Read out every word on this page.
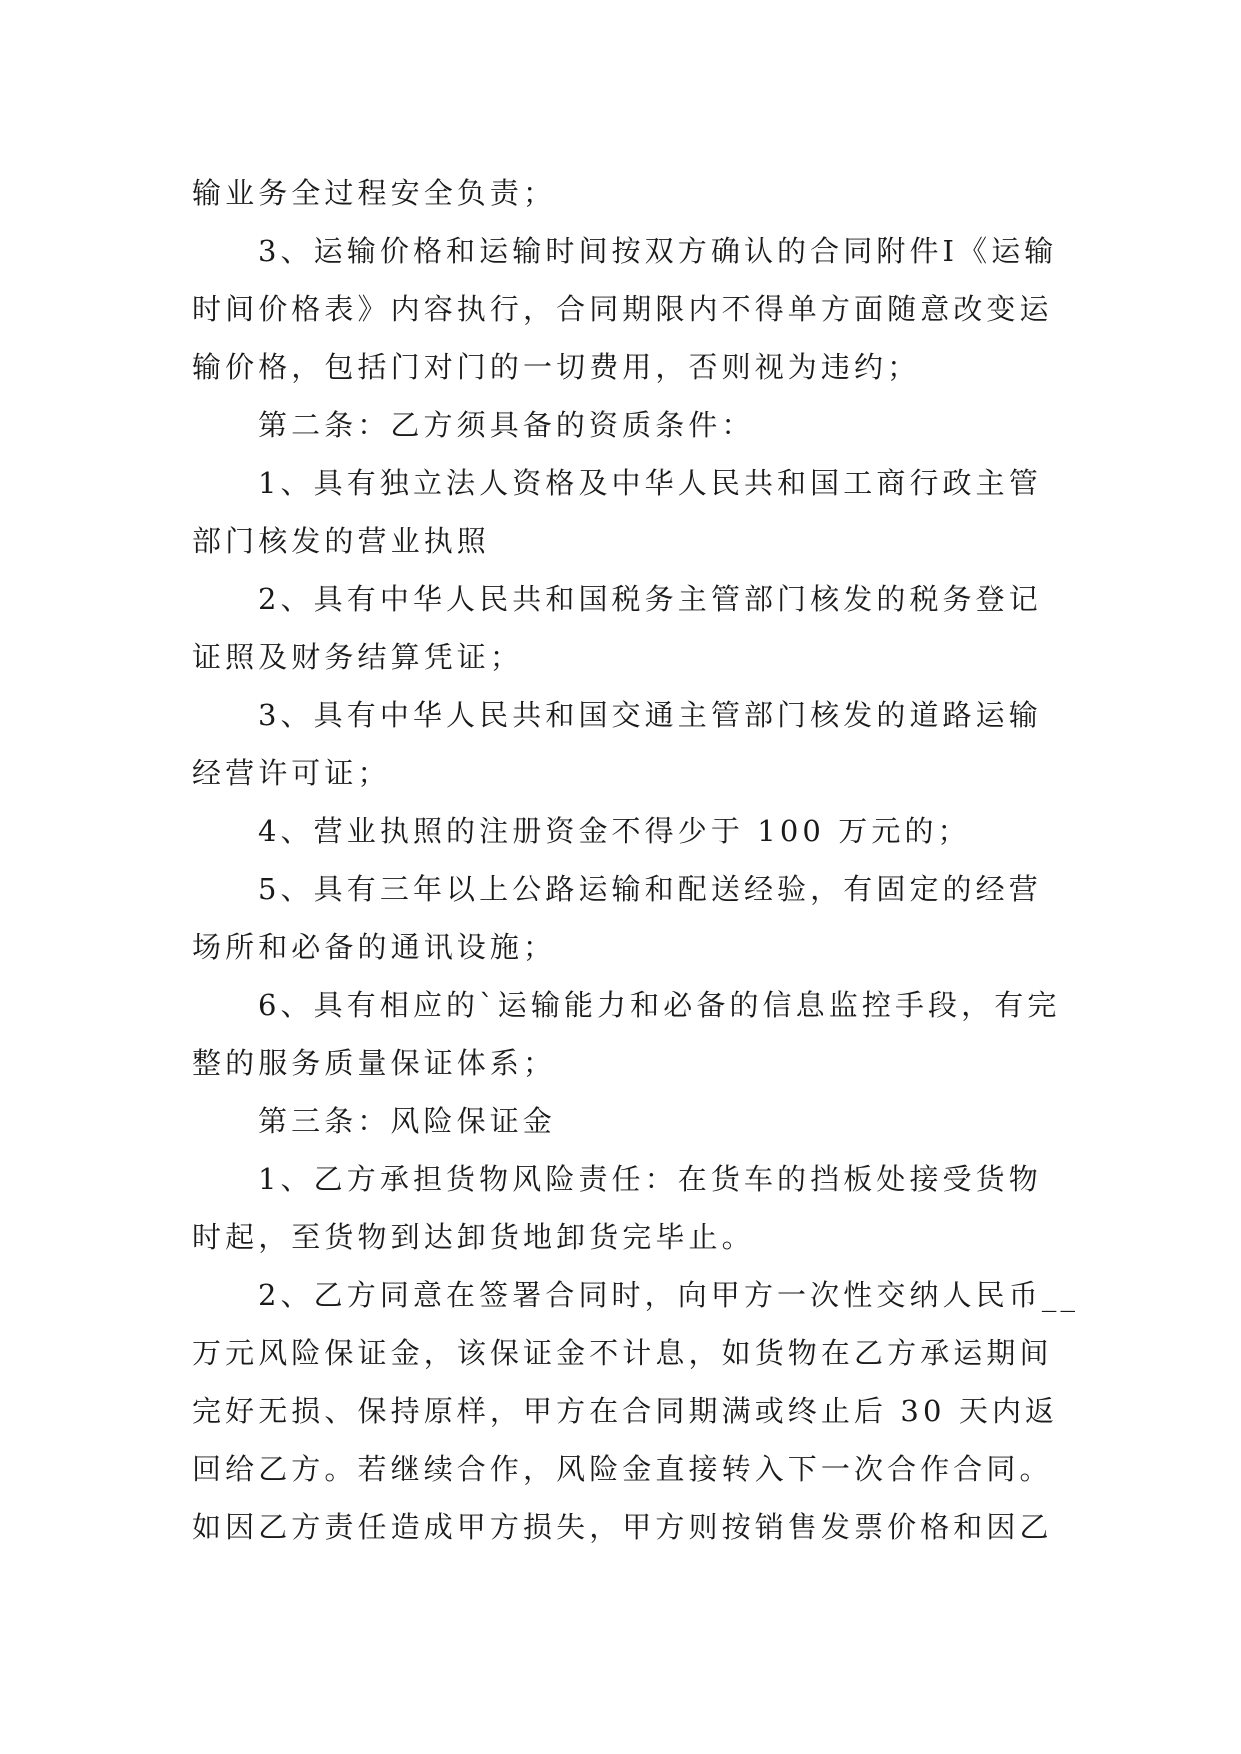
输业务全过程安全负责；
3、运输价格和运输时间按双方确认的合同附件Ⅰ《运输
时间价格表》内容执行，合同期限内不得单方面随意改变运
输价格，包括门对门的一切费用，否则视为违约；
第二条：乙方须具备的资质条件：
1、具有独立法人资格及中华人民共和国工商行政主管
部门核发的营业执照
2、具有中华人民共和国税务主管部门核发的税务登记
证照及财务结算凭证；
3、具有中华人民共和国交通主管部门核发的道路运输
经营许可证；
4、营业执照的注册资金不得少于 100 万元的；
5、具有三年以上公路运输和配送经验，有固定的经营
场所和必备的通讯设施；
6、具有相应的`运输能力和必备的信息监控手段，有完
整的服务质量保证体系；
第三条：风险保证金
1、乙方承担货物风险责任：在货车的挡板处接受货物
时起，至货物到达卸货地卸货完毕止。
2、乙方同意在签署合同时，向甲方一次性交纳人民币__
万元风险保证金，该保证金不计息，如货物在乙方承运期间
完好无损、保持原样，甲方在合同期满或终止后 30 天内返
回给乙方。若继续合作，风险金直接转入下一次合作合同。
如因乙方责任造成甲方损失，甲方则按销售发票价格和因乙
